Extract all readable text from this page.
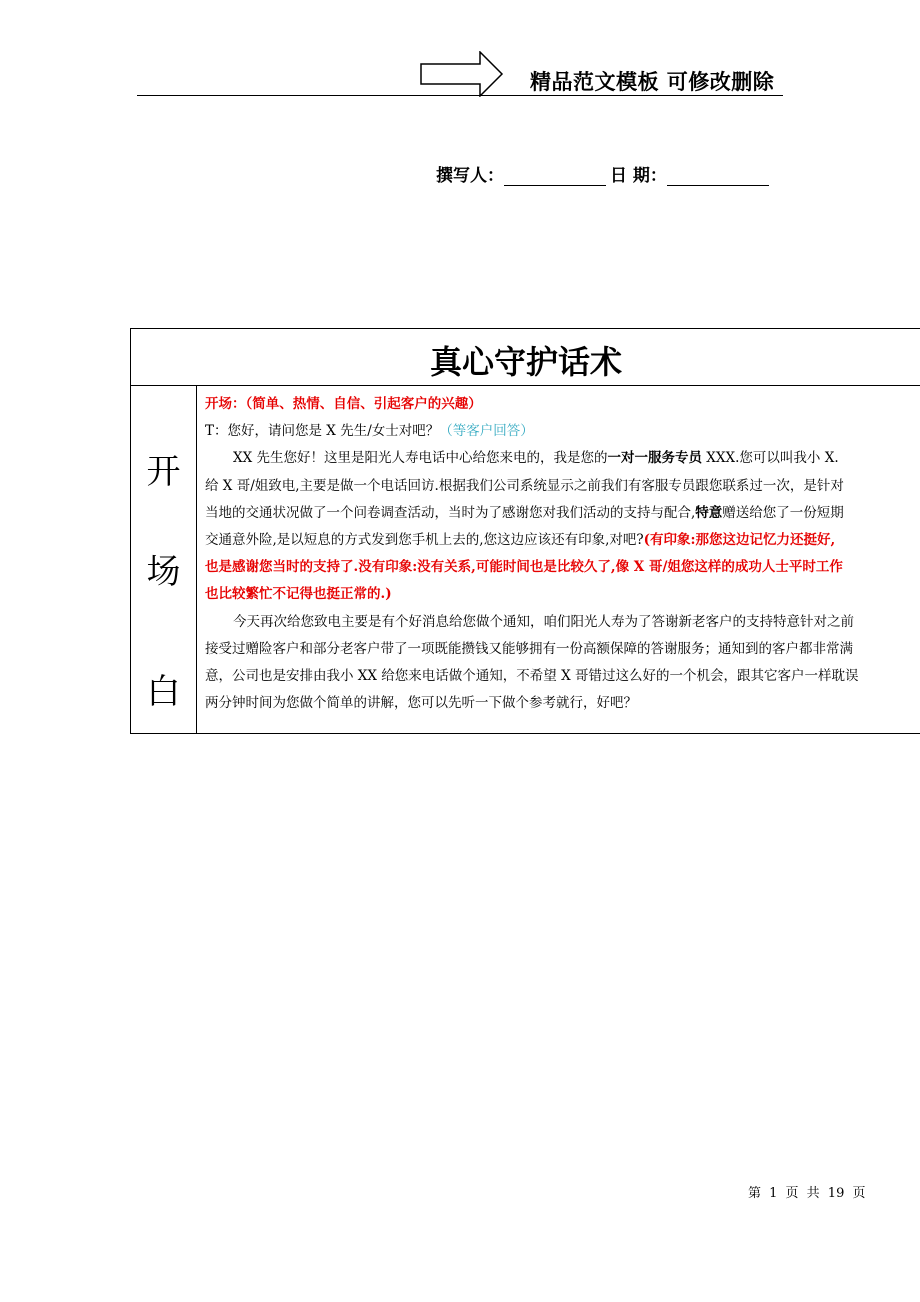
精品范文模板 可修改删除
撰写人：	日 期：
真心守护话术
开
场
白

开场：（简单、热情、自信、引起客户的兴趣）

T：您好，请问您是 X 先生/女士对吧？（等客户回答）

XX 先生您好！这里是阳光人寿电话中心给您来电的，我是您的一对一服务专员 XXX.您可以叫我小 X.

给 X 哥/姐致电,主要是做一个电话回访.根据我们公司系统显示之前我们有客服专员跟您联系过一次，是针对

当地的交通状况做了一个问卷调查活动，当时为了感谢您对我们活动的支持与配合,特意赠送给您了一份短期

交通意外险,是以短息的方式发到您手机上去的,您这边应该还有印象,对吧?(有印象:那您这边记忆力还挺好,

也是感谢您当时的支持了.没有印象:没有关系,可能时间也是比较久了,像 X 哥/姐您这样的成功人士平时工作

也比较繁忙不记得也挺正常的.)

今天再次给您致电主要是有个好消息给您做个通知，咱们阳光人寿为了答谢新老客户的支持特意针对之前

接受过赠险客户和部分老客户带了一项既能攒钱又能够拥有一份高额保障的答谢服务；通知到的客户都非常满

意，公司也是安排由我小 XX 给您来电话做个通知，不希望 X 哥错过这么好的一个机会，跟其它客户一样耽误

两分钟时间为您做个简单的讲解，您可以先听一下做个参考就行，好吧？

第 1 页 共 19 页
